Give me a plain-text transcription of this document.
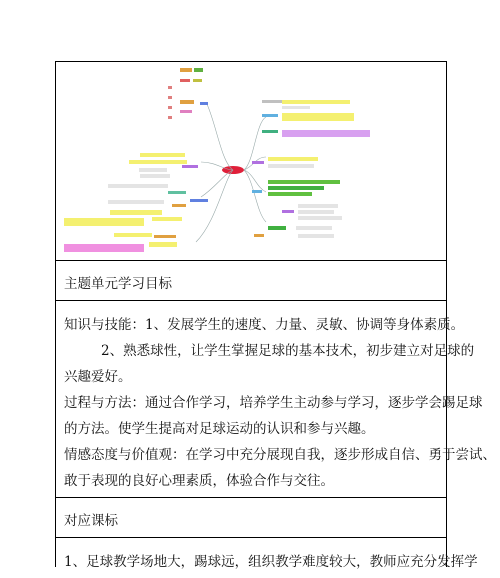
主题单元学习目标
知识与技能：1、发展学生的速度、力量、灵敏、协调等身体素质。
2、熟悉球性，让学生掌握足球的基本技术，初步建立对足球的
兴趣爱好。
过程与方法：通过合作学习，培养学生主动参与学习，逐步学会踢足球
的方法。使学生提高对足球运动的认识和参与兴趣。
情感态度与价值观：在学习中充分展现自我，逐步形成自信、勇于尝试、
敢于表现的良好心理素质，体验合作与交往。
对应课标
1、足球教学场地大，踢球远，组织教学难度较大，教师应充分发挥学
